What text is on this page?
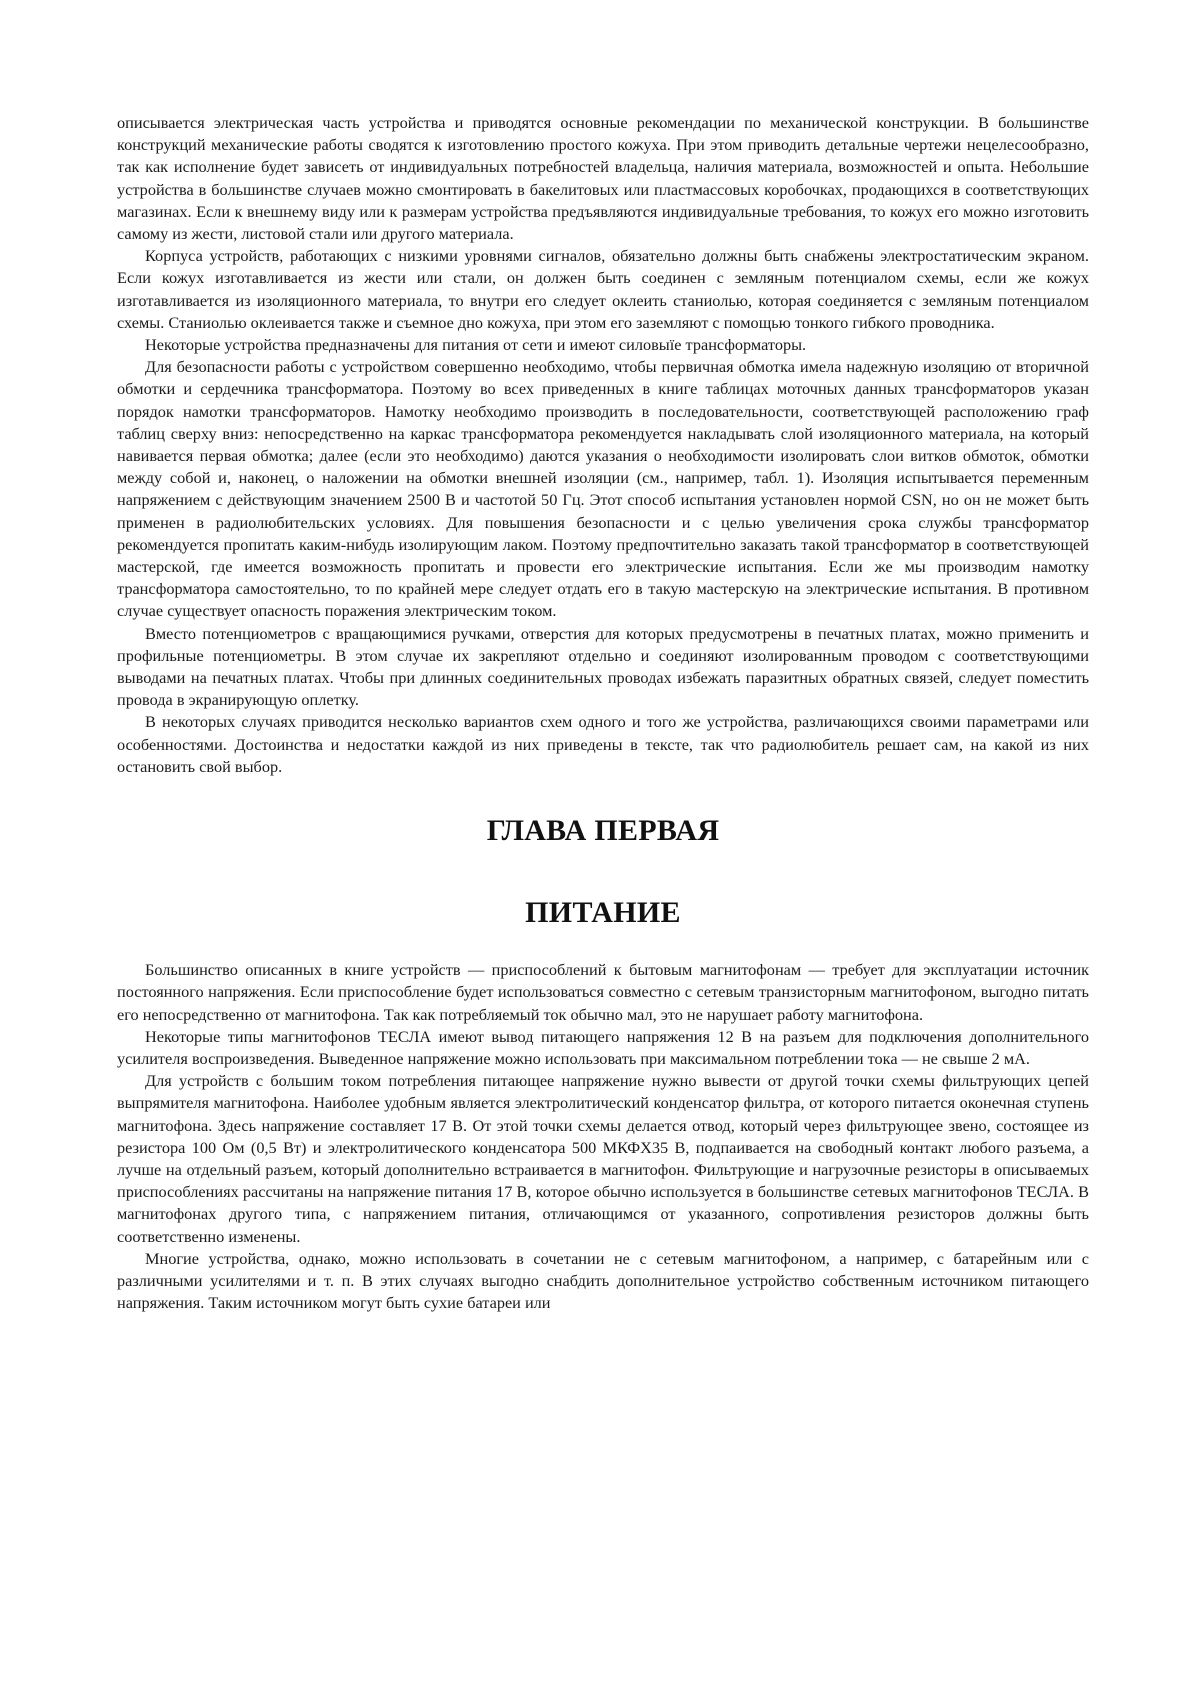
описывается электрическая часть устройства и приводятся основные рекомендации по механической конструкции. В большинстве конструкций механические работы сводятся к изготовлению простого кожуха. При этом приводить детальные чертежи нецелесообразно, так как исполнение будет зависеть от индивидуальных потребностей владельца, наличия материала, возможностей и опыта. Небольшие устройства в большинстве случаев можно смонтировать в бакелитовых или пластмассовых коробочках, продающихся в соответствующих магазинах. Если к внешнему виду или к размерам устройства предъявляются индивидуальные требования, то кожух его можно изготовить самому из жести, листовой стали или другого материала.

Корпуса устройств, работающих с низкими уровнями сигналов, обязательно должны быть снабжены электростатическим экраном. Если кожух изготавливается из жести или стали, он должен быть соединен с земляным потенциалом схемы, если же кожух изготавливается из изоляционного материала, то внутри его следует оклеить станиолью, которая соединяется с земляным потенциалом схемы. Станиолью оклеивается также и съемное дно кожуха, при этом его заземляют с помощью тонкого гибкого проводника.

Некоторые устройства предназначены для питания от сети и имеют силовыїе трансформаторы.

Для безопасности работы с устройством совершенно необходимо, чтобы первичная обмотка имела надежную изоляцию от вторичной обмотки и сердечника трансформатора. Поэтому во всех приведенных в книге таблицах моточных данных трансформаторов указан порядок намотки трансформаторов. Намотку необходимо производить в последовательности, соответствующей расположению граф таблиц сверху вниз: непосредственно на каркас трансформатора рекомендуется накладывать слой изоляционного материала, на который навивается первая обмотка; далее (если это необходимо) даются указания о необходимости изолировать слои витков обмоток, обмотки между собой и, наконец, о наложении на обмотки внешней изоляции (см., например, табл. 1). Изоляция испытывается переменным напряжением с действующим значением 2500 В и частотой 50 Гц. Этот способ испытания установлен нормой CSN, но он не может быть применен в радиолюбительских условиях. Для повышения безопасности и с целью увеличения срока службы трансформатор рекомендуется пропитать каким-нибудь изолирующим лаком. Поэтому предпочтительно заказать такой трансформатор в соответствующей мастерской, где имеется возможность пропитать и провести его электрические испытания. Если же мы производим намотку трансформатора самостоятельно, то по крайней мере следует отдать его в такую мастерскую на электрические испытания. В противном случае существует опасность поражения электрическим током.

Вместо потенциометров с вращающимися ручками, отверстия для которых предусмотрены в печатных платах, можно применить и профильные потенциометры. В этом случае их закрепляют отдельно и соединяют изолированным проводом с соответствующими выводами на печатных платах. Чтобы при длинных соединительных проводах избежать паразитных обратных связей, следует поместить провода в экранирующую оплетку.

В некоторых случаях приводится несколько вариантов схем одного и того же устройства, различающихся своими параметрами или особенностями. Достоинства и недостатки каждой из них приведены в тексте, так что радиолюбитель решает сам, на какой из них остановить свой выбор.

ГЛАВА ПЕРВАЯ
ПИТАНИЕ

Большинство описанных в книге устройств — приспособлений к бытовым магнитофонам — требует для эксплуатации источник постоянного напряжения. Если приспособление будет использоваться совместно с сетевым транзисторным магнитофоном, выгодно питать его непосредственно от магнитофона. Так как потребляемый ток обычно мал, это не нарушает работу магнитофона.

Некоторые типы магнитофонов ТЕСЛА имеют вывод питающего напряжения 12 В на разъем для подключения дополнительного усилителя воспроизведения. Выведенное напряжение можно использовать при максимальном потреблении тока — не свыше 2 мА.

Для устройств с большим током потребления питающее напряжение нужно вывести от другой точки схемы фильтрующих цепей выпрямителя магнитофона. Наиболее удобным является электролитический конденсатор фильтра, от которого питается оконечная ступень магнитофона. Здесь напряжение составляет 17 В. От этой точки схемы делается отвод, который через фильтрующее звено, состоящее из резистора 100 Ом (0,5 Вт) и электролитического конденсатора 500 МКФХ35 В, подпаивается на свободный контакт любого разъема, а лучше на отдельный разъем, который дополнительно встраивается в магнитофон. Фильтрующие и нагрузочные резисторы в описываемых приспособлениях рассчитаны на напряжение питания 17 В, которое обычно используется в большинстве сетевых магнитофонов ТЕСЛА. В магнитофонах другого типа, с напряжением питания, отличающимся от указанного, сопротивления резисторов должны быть соответственно изменены.

Многие устройства, однако, можно использовать в сочетании не с сетевым магнитофоном, а например, с батарейным или с различными усилителями и т. п. В этих случаях выгодно снабдить дополнительное устройство собственным источником питающего напряжения. Таким источником могут быть сухие батареи или
